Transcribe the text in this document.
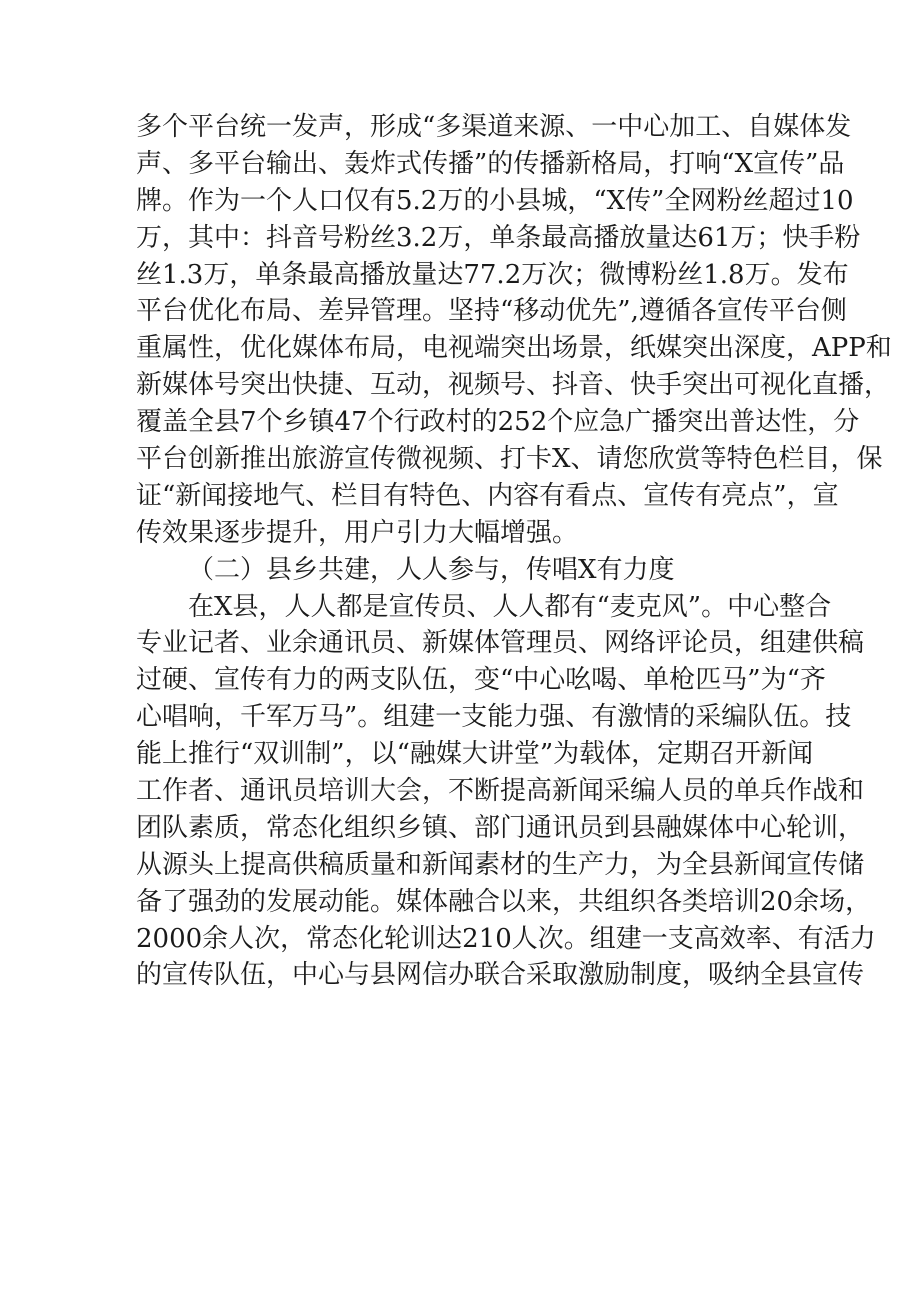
多个平台统一发声，形成“多渠道来源、一中心加工、自媒体发
声、多平台输出、轰炸式传播”的传播新格局，打响“X宣传”品
牌。作为一个人口仅有5.2万的小县城，“X传”全网粉丝超过10
万，其中：抖音号粉丝3.2万，单条最高播放量达61万；快手粉
丝1.3万，单条最高播放量达77.2万次；微博粉丝1.8万。发布
平台优化布局、差异管理。坚持“移动优先”,遵循各宣传平台侧
重属性，优化媒体布局，电视端突出场景，纸媒突出深度，APP和
新媒体号突出快捷、互动，视频号、抖音、快手突出可视化直播，
覆盖全县7个乡镇47个行政村的252个应急广播突出普达性，分
平台创新推出旅游宣传微视频、打卡X、请您欣赏等特色栏目，保
证“新闻接地气、栏目有特色、内容有看点、宣传有亮点”，宣
传效果逐步提升，用户引力大幅增强。
（二）县乡共建，人人参与，传唱X有力度
在X县，人人都是宣传员、人人都有“麦克风”。中心整合
专业记者、业余通讯员、新媒体管理员、网络评论员，组建供稿
过硬、宣传有力的两支队伍，变“中心吆喝、单枪匹马”为“齐
心唱响，千军万马”。组建一支能力强、有激情的采编队伍。技
能上推行“双训制”，以“融媒大讲堂”为载体，定期召开新闻
工作者、通讯员培训大会，不断提高新闻采编人员的单兵作战和
团队素质，常态化组织乡镇、部门通讯员到县融媒体中心轮训，
从源头上提高供稿质量和新闻素材的生产力，为全县新闻宣传储
备了强劲的发展动能。媒体融合以来，共组织各类培训20余场，
2000余人次，常态化轮训达210人次。组建一支高效率、有活力
的宣传队伍，中心与县网信办联合采取激励制度，吸纳全县宣传
